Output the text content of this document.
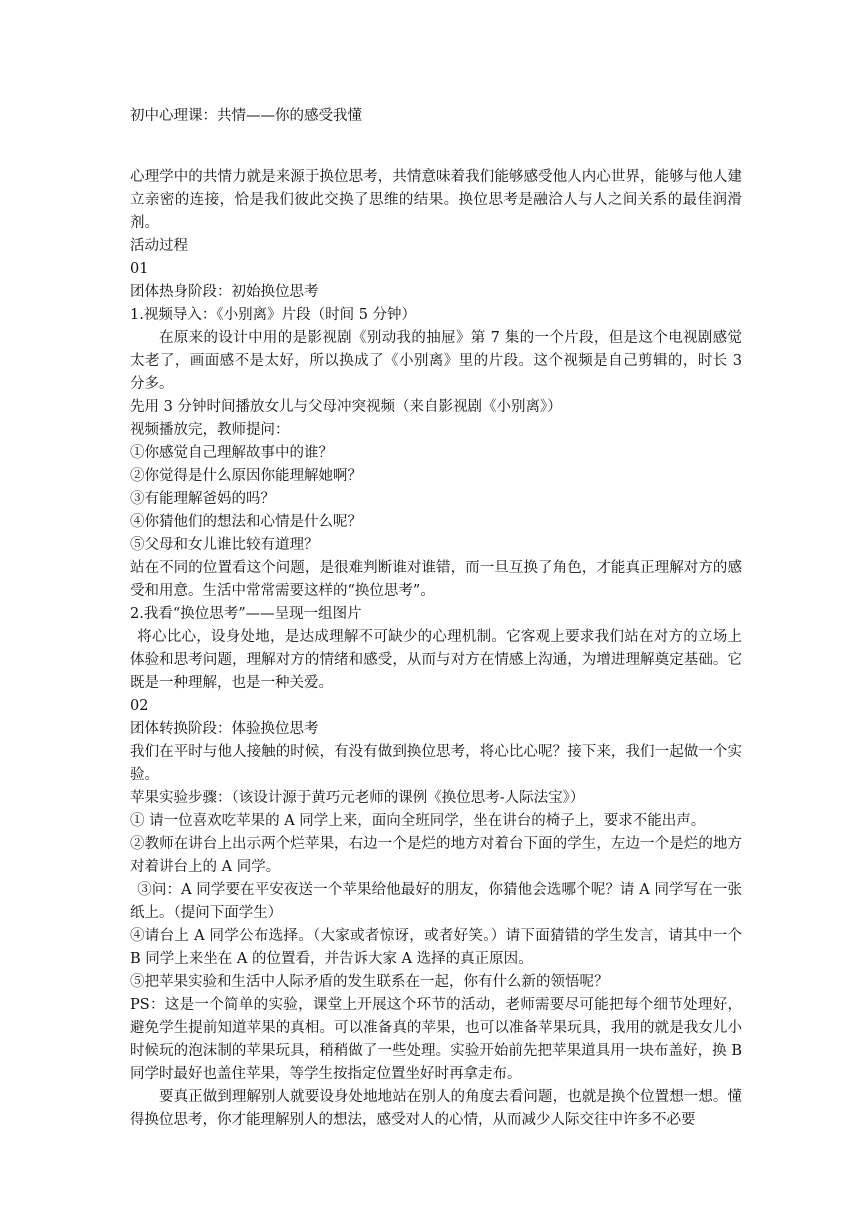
初中心理课：共情——你的感受我懂

心理学中的共情力就是来源于换位思考，共情意味着我们能够感受他人内心世界，能够与他人建立亲密的连接，恰是我们彼此交换了思维的结果。换位思考是融洽人与人之间关系的最佳润滑剂。

活动过程

01

团体热身阶段：初始换位思考

1.视频导入：《小别离》片段（时间 5 分钟）

在原来的设计中用的是影视剧《别动我的抽屉》第 7 集的一个片段，但是这个电视剧感觉太老了，画面感不是太好，所以换成了《小别离》里的片段。这个视频是自己剪辑的，时长 3 分多。

先用 3 分钟时间播放女儿与父母冲突视频（来自影视剧《小别离》）

视频播放完，教师提问：

①你感觉自己理解故事中的谁？

②你觉得是什么原因你能理解她啊？

③有能理解爸妈的吗？

④你猜他们的想法和心情是什么呢？

⑤父母和女儿谁比较有道理？

站在不同的位置看这个问题，是很难判断谁对谁错，而一旦互换了角色，才能真正理解对方的感受和用意。生活中常常需要这样的“换位思考”。

2.我看“换位思考”——呈现一组图片

将心比心，设身处地，是达成理解不可缺少的心理机制。它客观上要求我们站在对方的立场上体验和思考问题，理解对方的情绪和感受，从而与对方在情感上沟通，为增进理解奠定基础。它既是一种理解，也是一种关爱。

02

团体转换阶段：体验换位思考

我们在平时与他人接触的时候，有没有做到换位思考，将心比心呢？接下来，我们一起做一个实验。

苹果实验步骤：（该设计源于黄巧元老师的课例《换位思考-人际法宝》）

① 请一位喜欢吃苹果的 A 同学上来，面向全班同学，坐在讲台的椅子上，要求不能出声。

②教师在讲台上出示两个烂苹果，右边一个是烂的地方对着台下面的学生，左边一个是烂的地方对着讲台上的 A 同学。

③问：A 同学要在平安夜送一个苹果给他最好的朋友，你猜他会选哪个呢？请 A 同学写在一张纸上。（提问下面学生）

④请台上 A 同学公布选择。（大家或者惊讶，或者好笑。）请下面猜错的学生发言，请其中一个 B 同学上来坐在 A 的位置看，并告诉大家 A 选择的真正原因。

⑤把苹果实验和生活中人际矛盾的发生联系在一起，你有什么新的领悟呢？

PS：这是一个简单的实验，课堂上开展这个环节的活动，老师需要尽可能把每个细节处理好，避免学生提前知道苹果的真相。可以准备真的苹果，也可以准备苹果玩具，我用的就是我女儿小时候玩的泡沫制的苹果玩具，稍稍做了一些处理。实验开始前先把苹果道具用一块布盖好，换 B 同学时最好也盖住苹果，等学生按指定位置坐好时再拿走布。

要真正做到理解别人就要设身处地地站在别人的角度去看问题，也就是换个位置想一想。懂得换位思考，你才能理解别人的想法，感受对人的心情，从而减少人际交往中许多不必要
